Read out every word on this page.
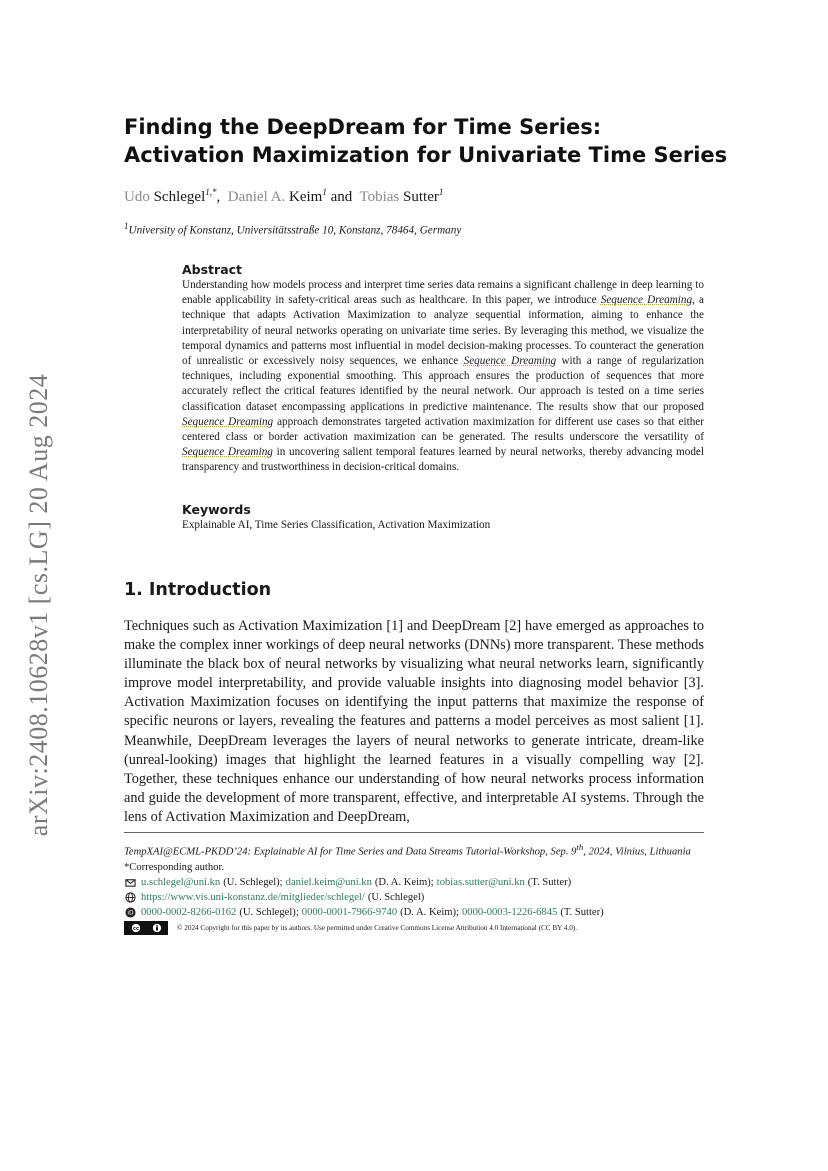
arXiv:2408.10628v1 [cs.LG] 20 Aug 2024
Finding the DeepDream for Time Series:
Activation Maximization for Univariate Time Series
Udo Schlegel$^{1,*}$,  Daniel A. Keim$^1$ and Tobias Sutter$^1$
$^1$University of Konstanz, Universitätsstraße 10, Konstanz, 78464, Germany
Abstract

Understanding how models process and interpret time series data remains a significant challenge in deep learning to enable applicability in safety-critical areas such as healthcare. In this paper, we introduce Sequence Dreaming, a technique that adapts Activation Maximization to analyze sequential information, aiming to enhance the interpretability of neural networks operating on univariate time series. By leveraging this method, we visualize the temporal dynamics and patterns most influential in model decision-making processes. To counteract the generation of unrealistic or excessively noisy sequences, we enhance Sequence Dreaming with a range of regularization techniques, including exponential smoothing. This approach ensures the production of sequences that more accurately reflect the critical features identified by the neural network. Our approach is tested on a time series classification dataset encompassing applications in predictive maintenance. The results show that our proposed Sequence Dreaming approach demonstrates targeted activation maximization for different use cases so that either centered class or border activation maximization can be generated. The results underscore the versatility of Sequence Dreaming in uncovering salient temporal features learned by neural networks, thereby advancing model transparency and trustworthiness in decision-critical domains.

Keywords

Explainable AI, Time Series Classification, Activation Maximization

1. Introduction

Techniques such as Activation Maximization [1] and DeepDream [2] have emerged as approaches to make the complex inner workings of deep neural networks (DNNs) more transparent. These methods illuminate the black box of neural networks by visualizing what neural networks learn, significantly improve model interpretability, and provide valuable insights into diagnosing model behavior [3]. Activation Maximization focuses on identifying the input patterns that maximize the response of specific neurons or layers, revealing the features and patterns a model perceives as most salient [1]. Meanwhile, DeepDream leverages the layers of neural networks to generate intricate, dream-like (unreal-looking) images that highlight the learned features in a visually compelling way [2]. Together, these techniques enhance our understanding of how neural networks process information and guide the development of more transparent, effective, and interpretable AI systems. Through the lens of Activation Maximization and DeepDream,

TempXAI@ECML-PKDD’24: Explainable AI for Time Series and Data Streams Tutorial-Workshop, Sep. 9th, 2024, Vilnius, Lithuania
*Corresponding author.
u.schlegel@uni.kn (U. Schlegel); daniel.keim@uni.kn (D. A. Keim); tobias.sutter@uni.kn (T. Sutter)
https://www.vis.uni-konstanz.de/mitglieder/schlegel/ (U. Schlegel)
iD 0000-0002-8266-0162 (U. Schlegel); 0000-0001-7966-9740 (D. A. Keim); 0000-0003-1226-6845 (T. Sutter)
cc	© 2024 Copyright for this paper by its authors. Use permitted under Creative Commons License Attribution 4.0 International (CC BY 4.0).
